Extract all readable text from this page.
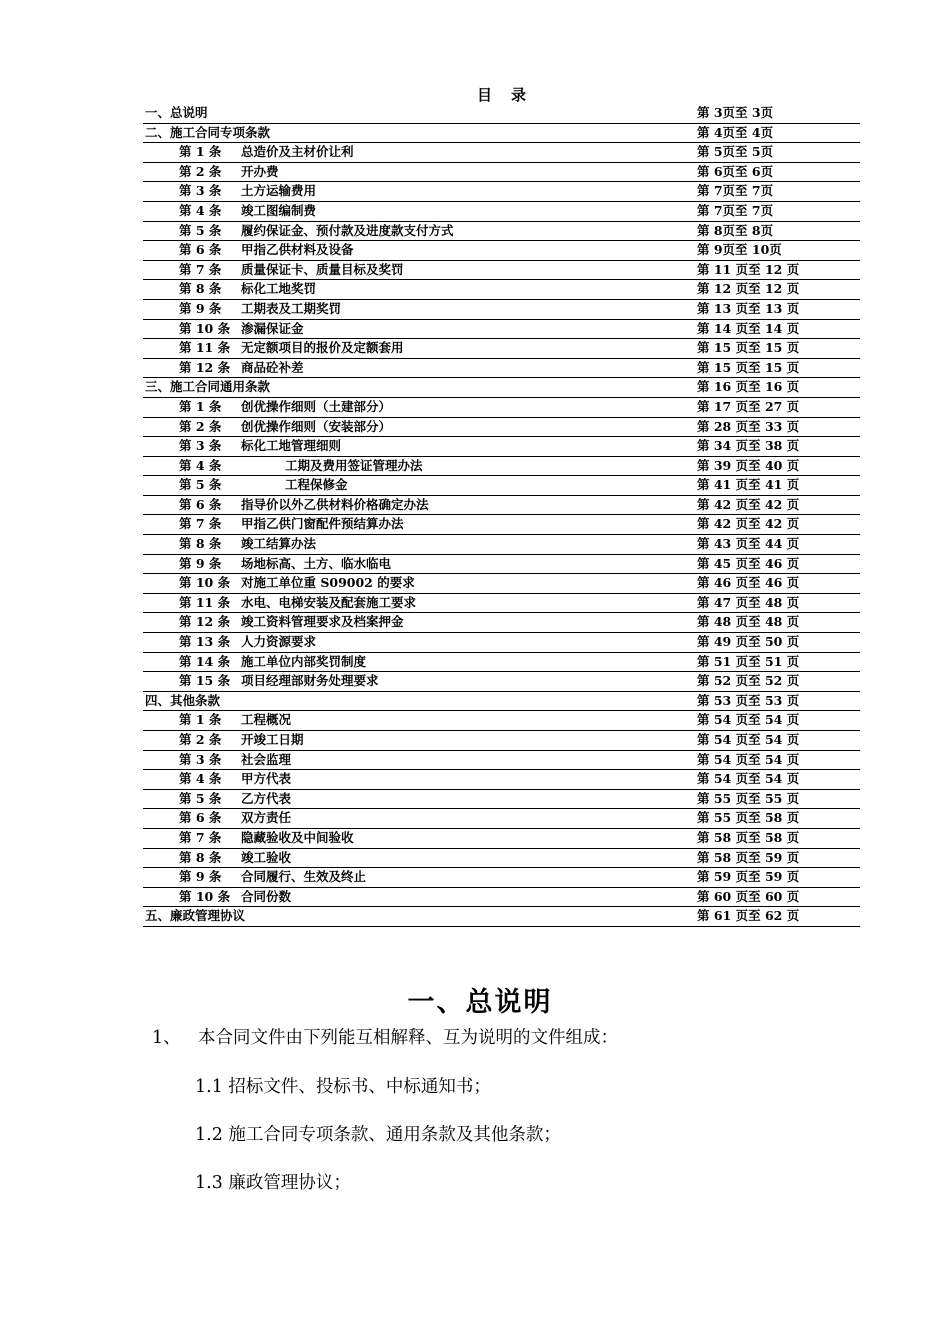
目　录
一、总说明	第 3页至 3页
二、施工合同专项条款	第 4页至 4页
第 1 条 总造价及主材价让利	第 5页至 5页
第 2 条 开办费	第 6页至 6页
第 3 条 土方运输费用	第 7页至 7页
第 4 条 竣工图编制费	第 7页至 7页
第 5 条 履约保证金、预付款及进度款支付方式	第 8页至 8页
第 6 条 甲指乙供材料及设备	第 9页至 10页
第 7 条 质量保证卡、质量目标及奖罚	第 11 页至 12 页
第 8 条 标化工地奖罚	第 12 页至 12 页
第 9 条 工期表及工期奖罚	第 13 页至 13 页
第 10 条 渗漏保证金	第 14 页至 14 页
第 11 条 无定额项目的报价及定额套用	第 15 页至 15 页
第 12 条 商品砼补差	第 15 页至 15 页
三、施工合同通用条款	第 16 页至 16 页
第 1 条 创优操作细则（土建部分）	第 17 页至 27 页
第 2 条 创优操作细则（安装部分）	第 28 页至 33 页
第 3 条 标化工地管理细则	第 34 页至 38 页
第 4 条	工期及费用签证管理办法	第 39 页至 40 页
第 5 条	工程保修金	第 41 页至 41 页
第 6 条 指导价以外乙供材料价格确定办法	第 42 页至 42 页
第 7 条 甲指乙供门窗配件预结算办法	第 42 页至 42 页
第 8 条 竣工结算办法	第 43 页至 44 页
第 9 条 场地标高、土方、临水临电	第 45 页至 46 页
第 10 条 对施工单位重 S09002 的要求	第 46 页至 46 页
第 11 条 水电、电梯安装及配套施工要求	第 47 页至 48 页
第 12 条 竣工资料管理要求及档案押金	第 48 页至 48 页
第 13 条 人力资源要求	第 49 页至 50 页
第 14 条 施工单位内部奖罚制度	第 51 页至 51 页
第 15 条 项目经理部财务处理要求	第 52 页至 52 页
四、其他条款	第 53 页至 53 页
第 1 条 工程概况	第 54 页至 54 页
第 2 条 开竣工日期	第 54 页至 54 页
第 3 条 社会监理	第 54 页至 54 页
第 4 条 甲方代表	第 54 页至 54 页
第 5 条 乙方代表	第 55 页至 55 页
第 6 条 双方责任	第 55 页至 58 页
第 7 条 隐藏验收及中间验收	第 58 页至 58 页
第 8 条 竣工验收	第 58 页至 59 页
第 9 条 合同履行、生效及终止	第 59 页至 59 页
第 10 条 合同份数	第 60 页至 60 页
五、廉政管理协议	第 61 页至 62 页
一、总说明
1、 本合同文件由下列能互相解释、互为说明的文件组成：
1.1 招标文件、投标书、中标通知书；
1.2 施工合同专项条款、通用条款及其他条款；
1.3 廉政管理协议；
